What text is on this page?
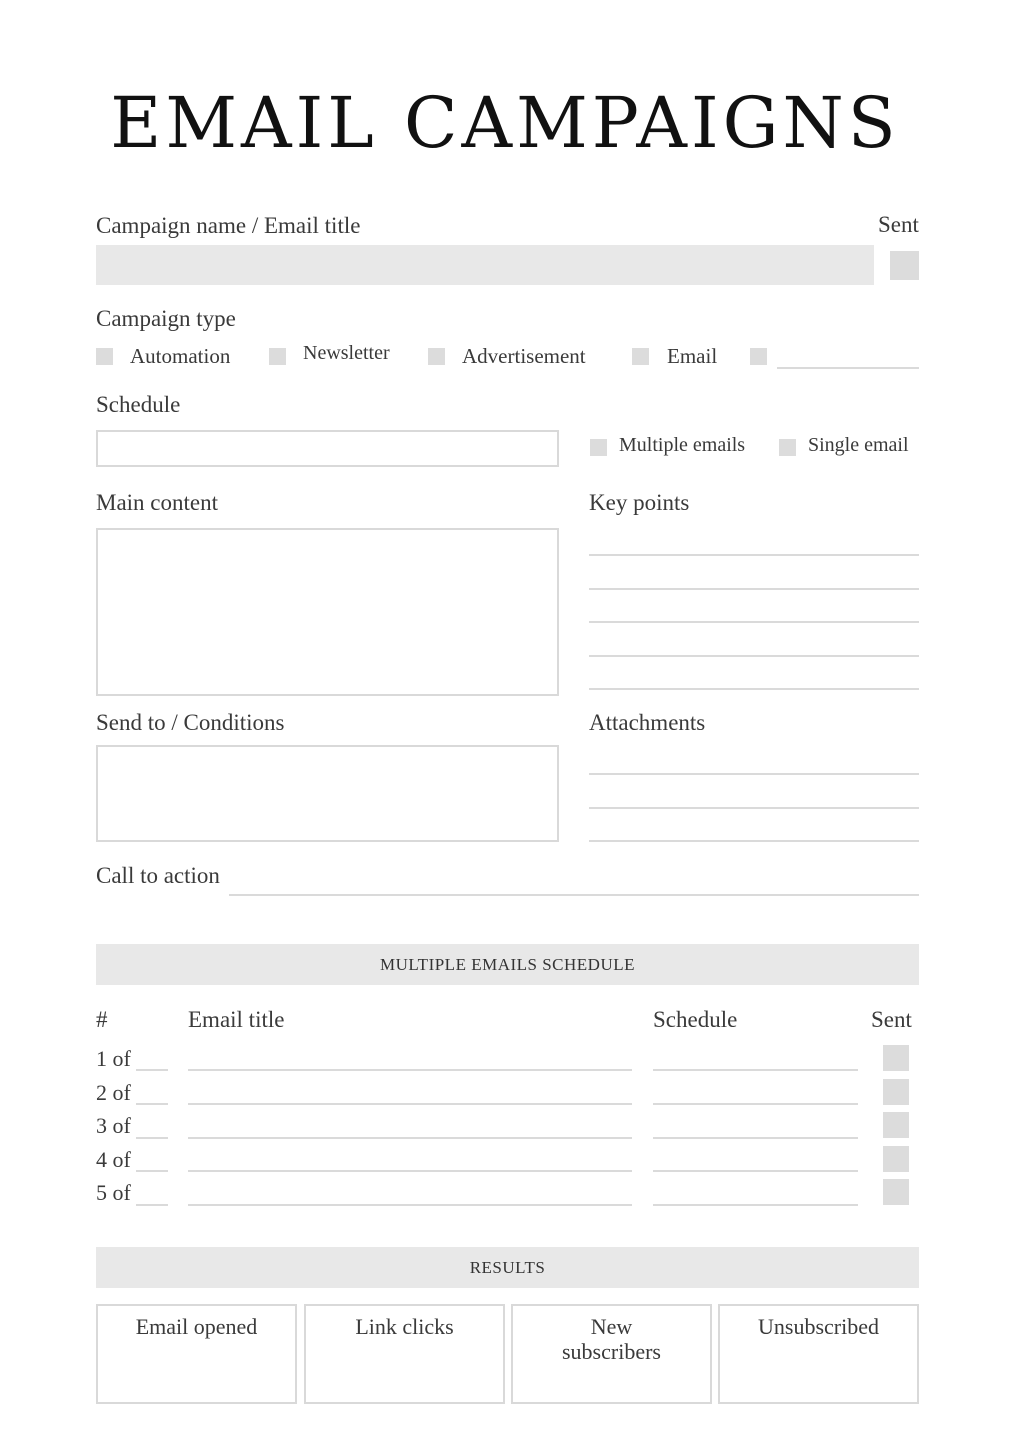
EMAIL CAMPAIGNS
Campaign name / Email title	Sent
Campaign type
Automation	Newsletter	Advertisement	Email
Schedule
Multiple emails	Single email
Main content	Key points
Send to / Conditions	Attachments
Call to action
MULTIPLE EMAILS SCHEDULE
#	Email title	Schedule	Sent
1 of
2 of
3 of
4 of
5 of
RESULTS
Email opened	Link clicks	New subscribers
Unsubscribed
